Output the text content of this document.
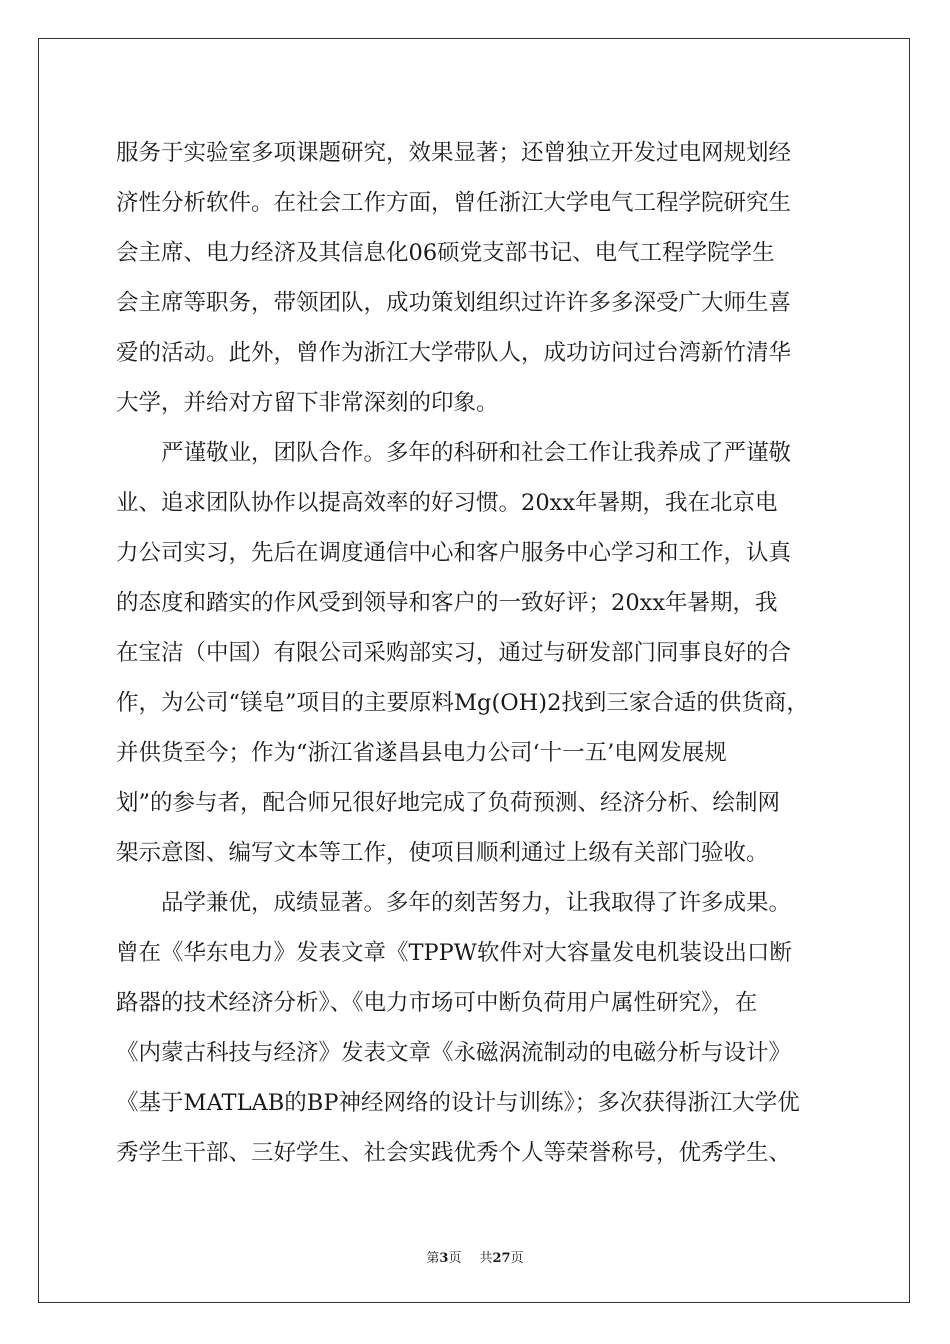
服务于实验室多项课题研究，效果显著；还曾独立开发过电网规划经
济性分析软件。在社会工作方面，曾任浙江大学电气工程学院研究生
会主席、电力经济及其信息化06硕党支部书记、电气工程学院学生
会主席等职务，带领团队，成功策划组织过许许多多深受广大师生喜
爱的活动。此外，曾作为浙江大学带队人，成功访问过台湾新竹清华
大学，并给对方留下非常深刻的印象。
　　严谨敬业，团队合作。多年的科研和社会工作让我养成了严谨敬
业、追求团队协作以提高效率的好习惯。20xx年暑期，我在北京电
力公司实习，先后在调度通信中心和客户服务中心学习和工作，认真
的态度和踏实的作风受到领导和客户的一致好评；20xx年暑期，我
在宝洁（中国）有限公司采购部实习，通过与研发部门同事良好的合
作，为公司“镁皂”项目的主要原料Mg(OH)2找到三家合适的供货商，
并供货至今；作为“浙江省遂昌县电力公司‘十一五’电网发展规
划”的参与者，配合师兄很好地完成了负荷预测、经济分析、绘制网
架示意图、编写文本等工作，使项目顺利通过上级有关部门验收。
　　品学兼优，成绩显著。多年的刻苦努力，让我取得了许多成果。
曾在《华东电力》发表文章《TPPW软件对大容量发电机装设出口断
路器的技术经济分析》、《电力市场可中断负荷用户属性研究》，在
《内蒙古科技与经济》发表文章《永磁涡流制动的电磁分析与设计》
《基于MATLAB的BP神经网络的设计与训练》；多次获得浙江大学优
秀学生干部、三好学生、社会实践优秀个人等荣誉称号，优秀学生、
第3页 共27页
